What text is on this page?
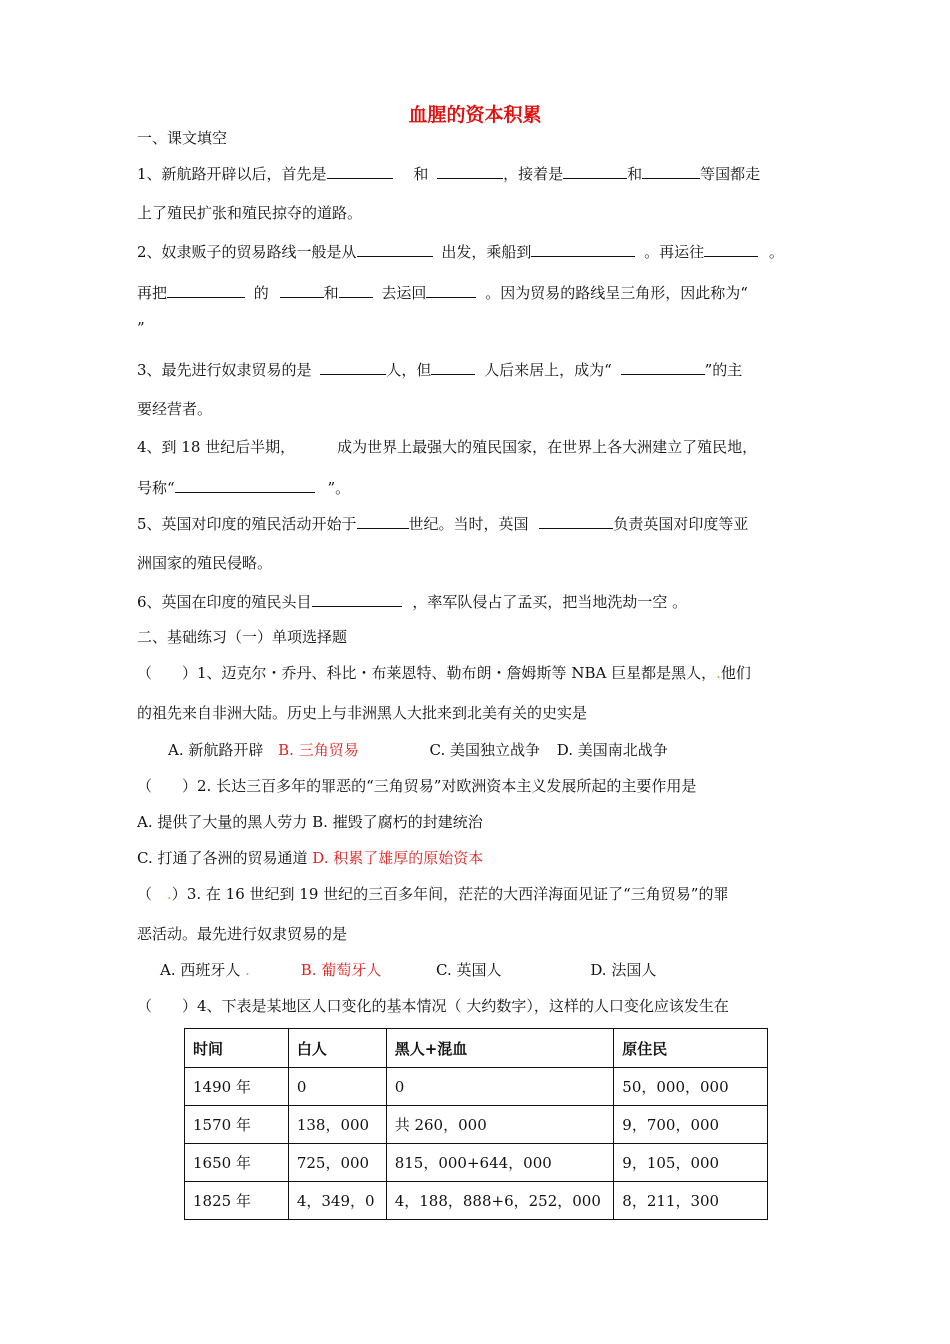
血腥的资本积累
一、课文填空
1、新航路开辟以后，首先是	和	，接着是	和	等国都走
上了殖民扩张和殖民掠夺的道路。
2、奴隶贩子的贸易路线一般是从	出发，乘船到	。再运往	。
再把	的	和	去运回	。因为贸易的路线呈三角形，因此称为“
”
3、最先进行奴隶贸易的是	人，但	人后来居上，成为“	”的主
要经营者。
4、到 18 世纪后半期，	成为世界上最强大的殖民国家，在世界上各大洲建立了殖民地，
号称“	”。
5、英国对印度的殖民活动开始于	世纪。当时，英国	负责英国对印度等亚
洲国家的殖民侵略。
6、英国在印度的殖民头目	，率军队侵占了孟买，把当地洗劫一空 。
二、基础练习（一）单项选择题
（　　）1、迈克尔・乔丹、科比・布莱恩特、勒布朗・詹姆斯等 NBA 巨星都是黑人，.他们
的祖先来自非洲大陆。历史上与非洲黑人大批来到北美有关的史实是
A. 新航路开辟 B. 三角贸易	C. 美国独立战争 D. 美国南北战争
（　　）2. 长达三百多年的罪恶的“三角贸易”对欧洲资本主义发展所起的主要作用是
A. 提供了大量的黑人劳力 B. 摧毁了腐朽的封建统治
C. 打通了各洲的贸易通道 D. 积累了雄厚的原始资本
（　.）3. 在 16 世纪到 19 世纪的三百多年间，茫茫的大西洋海面见证了“三角贸易”的罪
恶活动。最先进行奴隶贸易的是
A. 西班牙人 .	B. 葡萄牙人	C. 英国人	D. 法国人
（　　）4、下表是某地区人口变化的基本情况（ 大约数字），这样的人口变化应该发生在
时间	白人	黑人+混血	原住民
1490 年	0	0	50，000，000
1570 年	138，000	共 260，000	9，700，000
1650 年	725，000	815，000+644，000	9，105，000
1825 年	4，349，0	4，188，888+6，252，000	8，211，300
